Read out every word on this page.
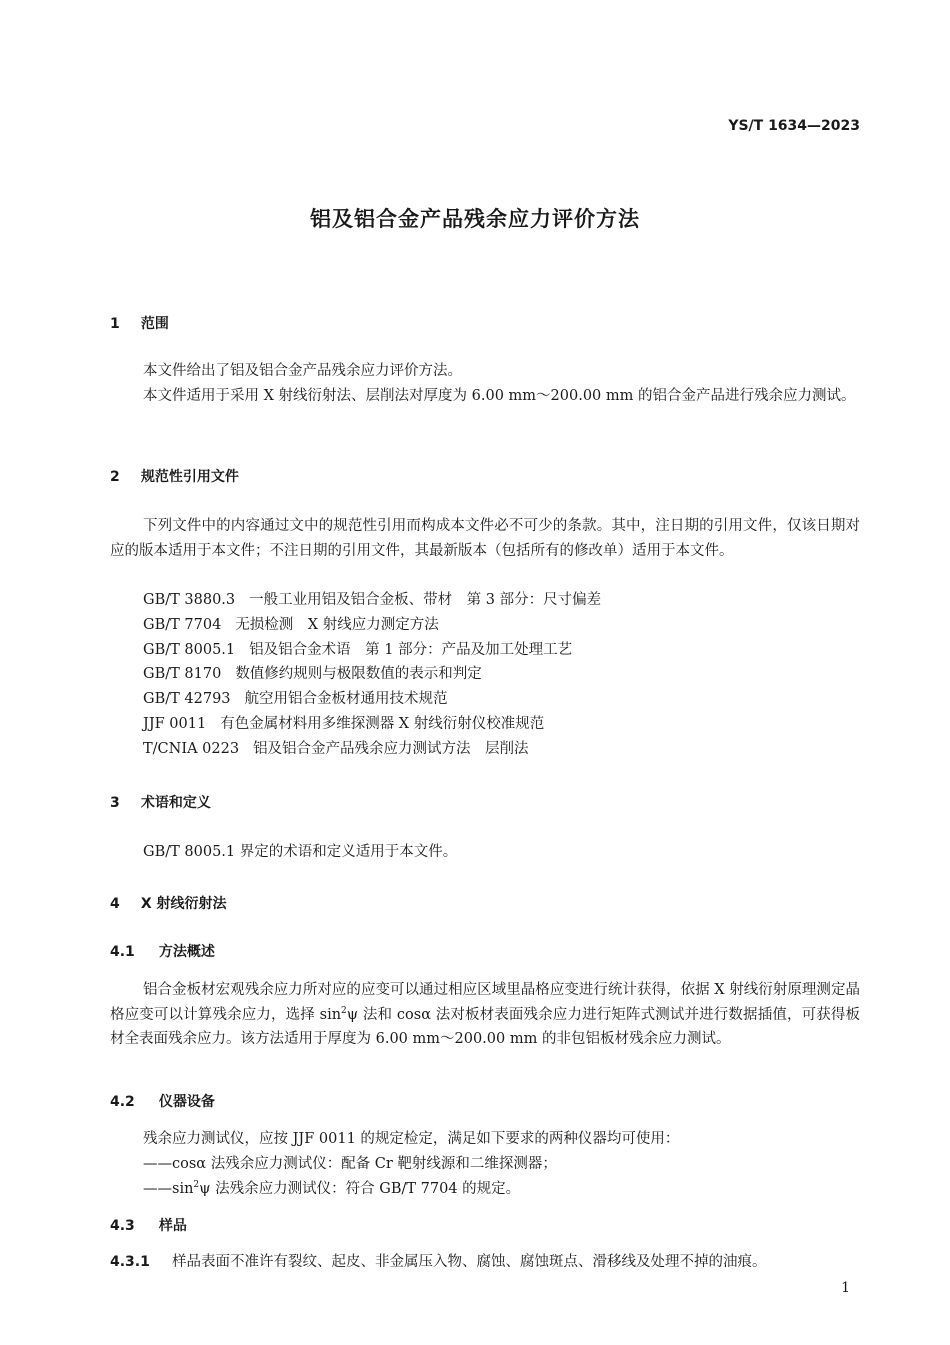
YS/T 1634—2023
铝及铝合金产品残余应力评价方法
1 范围
本文件给出了铝及铝合金产品残余应力评价方法。
本文件适用于采用 X 射线衍射法、层削法对厚度为 6.00 mm～200.00 mm 的铝合金产品进行残余应力测试。
2 规范性引用文件
下列文件中的内容通过文中的规范性引用而构成本文件必不可少的条款。其中，注日期的引用文件，仅该日期对应的版本适用于本文件；不注日期的引用文件，其最新版本（包括所有的修改单）适用于本文件。
GB/T 3880.3 一般工业用铝及铝合金板、带材　第 3 部分：尺寸偏差
GB/T 7704 无损检测　X 射线应力测定方法
GB/T 8005.1 铝及铝合金术语　第 1 部分：产品及加工处理工艺
GB/T 8170 数值修约规则与极限数值的表示和判定
GB/T 42793 航空用铝合金板材通用技术规范
JJF 0011 有色金属材料用多维探测器 X 射线衍射仪校准规范
T/CNIA 0223 铝及铝合金产品残余应力测试方法　层削法
3 术语和定义
GB/T 8005.1 界定的术语和定义适用于本文件。
4 X 射线衍射法
4.1 方法概述
铝合金板材宏观残余应力所对应的应变可以通过相应区域里晶格应变进行统计获得，依据 X 射线衍射原理测定晶格应变可以计算残余应力，选择 $\sin^2\psi$ 法和 cosα 法对板材表面残余应力进行矩阵式测试并进行数据插值，可获得板材全表面残余应力。该方法适用于厚度为 6.00 mm～200.00 mm 的非包铝板材残余应力测试。
4.2 仪器设备
残余应力测试仪，应按 JJF 0011 的规定检定，满足如下要求的两种仪器均可使用：
——cosα 法残余应力测试仪：配备 Cr 靶射线源和二维探测器；
$——\sin^2\psi$ 法残余应力测试仪：符合 GB/T 7704 的规定。
4.3 样品
4.3.1 样品表面不准许有裂纹、起皮、非金属压入物、腐蚀、腐蚀斑点、滑移线及处理不掉的油痕。
1
